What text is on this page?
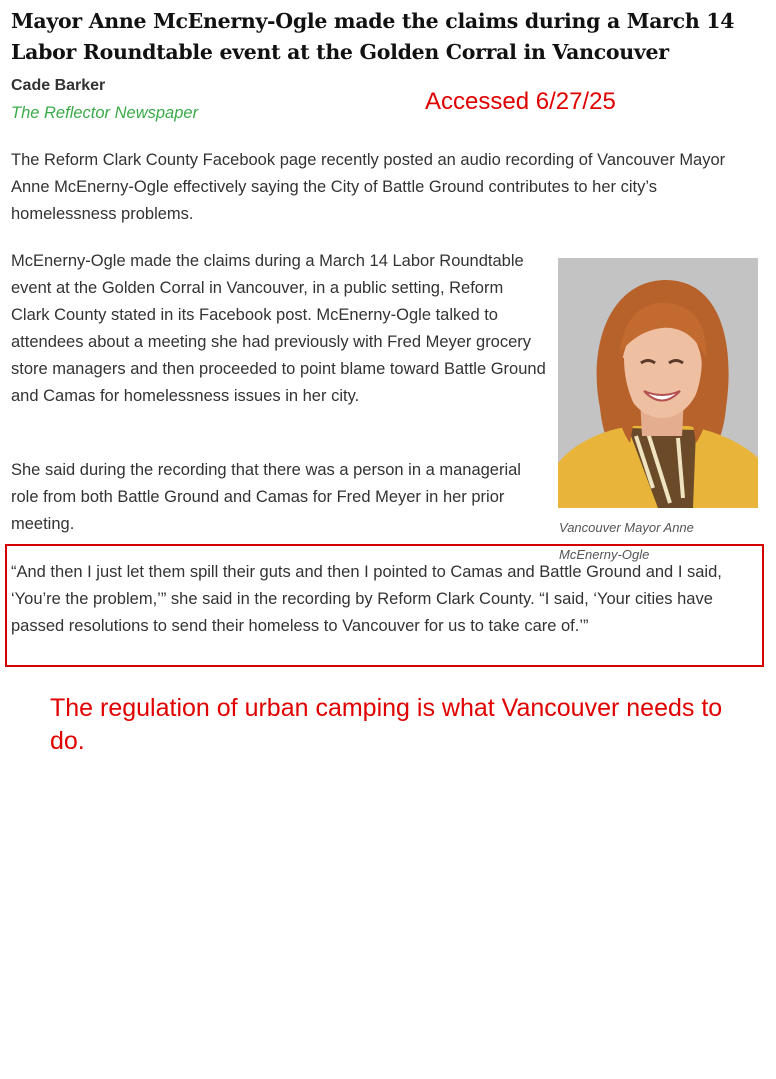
Mayor Anne McEnerny-Ogle made the claims during a March 14 Labor Roundtable event at the Golden Corral in Vancouver
Cade Barker
The Reflector Newspaper	Accessed 6/27/25

The Reform Clark County Facebook page recently posted an audio recording of Vancouver Mayor Anne McEnerny-Ogle effectively saying the City of Battle Ground contributes to her city’s homelessness problems.

McEnerny-Ogle made the claims during a March 14 Labor Roundtable event at the Golden Corral in Vancouver, in a public setting, Reform Clark County stated in its Facebook post. McEnerny-Ogle talked to attendees about a meeting she had previously with Fred Meyer grocery store managers and then proceeded to point blame toward Battle Ground and Camas for homelessness issues in her city.

She said during the recording that there was a person in a managerial role from both Battle Ground and Camas for Fred Meyer in her prior meeting.	Vancouver Mayor Anne McEnerny-Ogle

“And then I just let them spill their guts and then I pointed to Camas and Battle Ground and I said, ‘You’re the problem,’” she said in the recording by Reform Clark County. “I said, ‘Your cities have passed resolutions to send their homeless to Vancouver for us to take care of.’”

The regulation of urban camping is what Vancouver needs to do.
